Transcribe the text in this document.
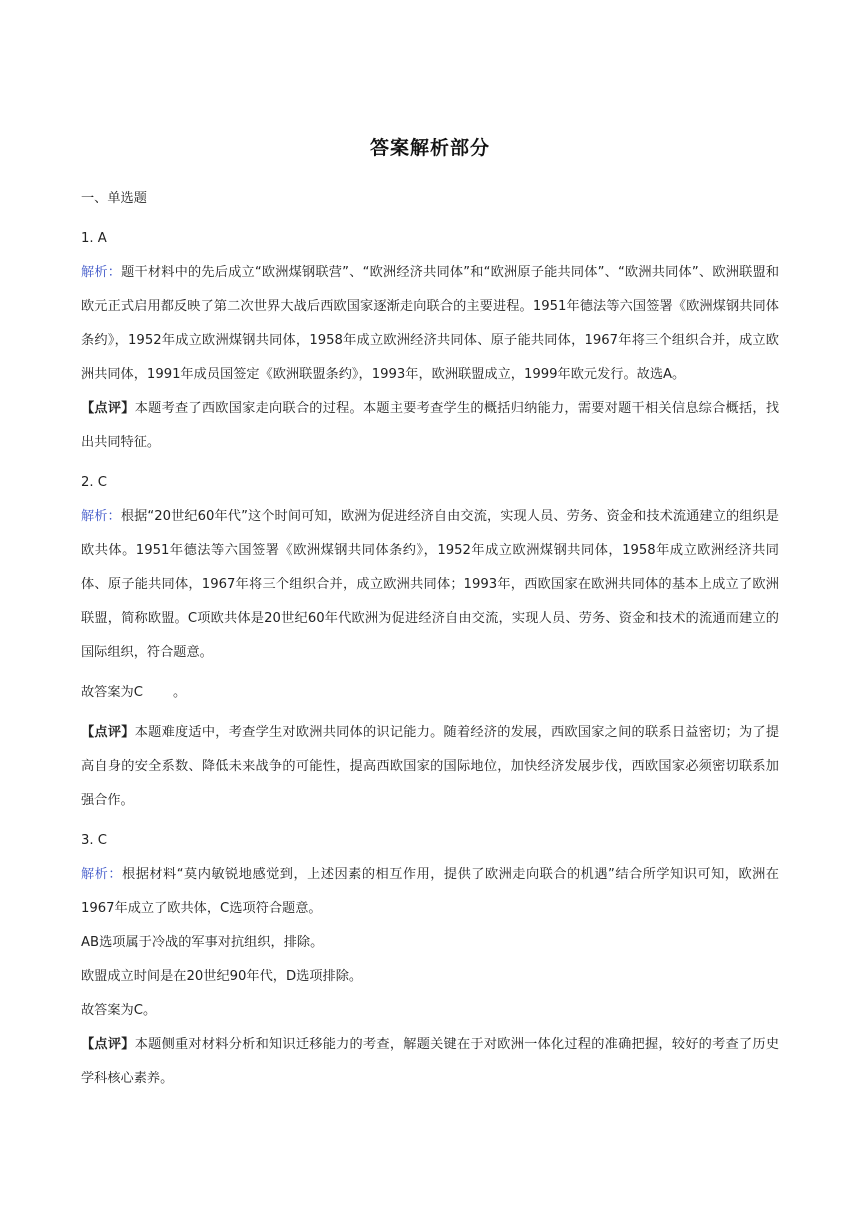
答案解析部分
一、单选题
1. A

解析：题干材料中的先后成立“欧洲煤钢联营”、“欧洲经济共同体”和“欧洲原子能共同体”、“欧洲共同体”、欧洲联盟和欧元正式启用都反映了第二次世界大战后西欧国家逐渐走向联合的主要进程。1951年德法等六国签署《欧洲煤钢共同体条约》，1952年成立欧洲煤钢共同体，1958年成立欧洲经济共同体、原子能共同体，1967年将三个组织合并，成立欧洲共同体，1991年成员国签定《欧洲联盟条约》，1993年，欧洲联盟成立，1999年欧元发行。故选A。

【点评】本题考查了西欧国家走向联合的过程。本题主要考查学生的概括归纳能力，需要对题干相关信息综合概括，找出共同特征。

2. C

解析：根据“20世纪60年代”这个时间可知，欧洲为促进经济自由交流，实现人员、劳务、资金和技术流通建立的组织是欧共体。1951年德法等六国签署《欧洲煤钢共同体条约》，1952年成立欧洲煤钢共同体，1958年成立欧洲经济共同体、原子能共同体，1967年将三个组织合并，成立欧洲共同体；1993年，西欧国家在欧洲共同体的基本上成立了欧洲联盟，简称欧盟。C项欧共体是20世纪60年代欧洲为促进经济自由交流，实现人员、劳务、资金和技术的流通而建立的国际组织，符合题意。

故答案为C 。

【点评】本题难度适中，考查学生对欧洲共同体的识记能力。随着经济的发展，西欧国家之间的联系日益密切；为了提高自身的安全系数、降低未来战争的可能性，提高西欧国家的国际地位，加快经济发展步伐，西欧国家必须密切联系加强合作。

3. C

解析：根据材料“莫内敏锐地感觉到，上述因素的相互作用，提供了欧洲走向联合的机遇”结合所学知识可知，欧洲在1967年成立了欧共体，C选项符合题意。

AB选项属于冷战的军事对抗组织，排除。

欧盟成立时间是在20世纪90年代，D选项排除。

故答案为C。

【点评】本题侧重对材料分析和知识迁移能力的考查，解题关键在于对欧洲一体化过程的准确把握，较好的考查了历史学科核心素养。
